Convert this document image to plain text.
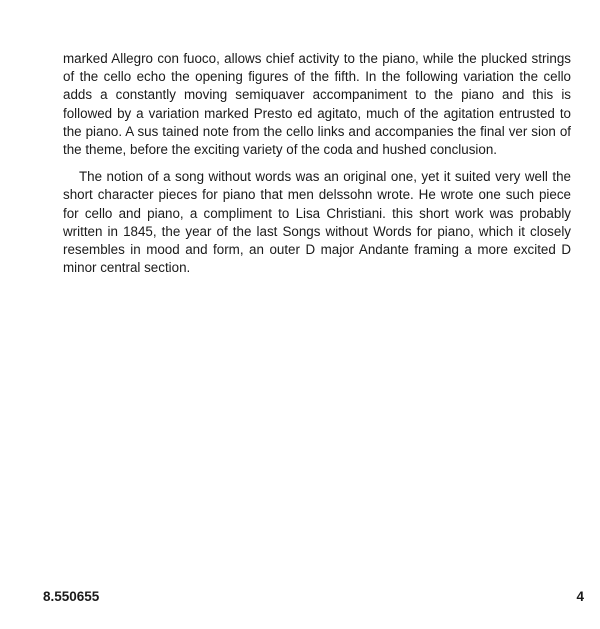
marked Allegro con fuoco, allows chief activity to the piano, while the plucked strings of the cello echo the opening figures of the fifth. In the following variation the cello adds a constantly moving semiquaver accompaniment to the piano and this is followed by a variation marked Presto ed agitato, much of the agitation entrusted to the piano. A sus tained note from the cello links and accompanies the final ver sion of the theme, before the exciting variety of the coda and hushed conclusion.

The notion of a song without words was an original one, yet it suited very well the short character pieces for piano that men delssohn wrote. He wrote one such piece for cello and piano, a compliment to Lisa Christiani. this short work was probably written in 1845, the year of the last Songs without Words for piano, which it closely resembles in mood and form, an outer D major Andante framing a more excited D minor central section.

8.550655	4
